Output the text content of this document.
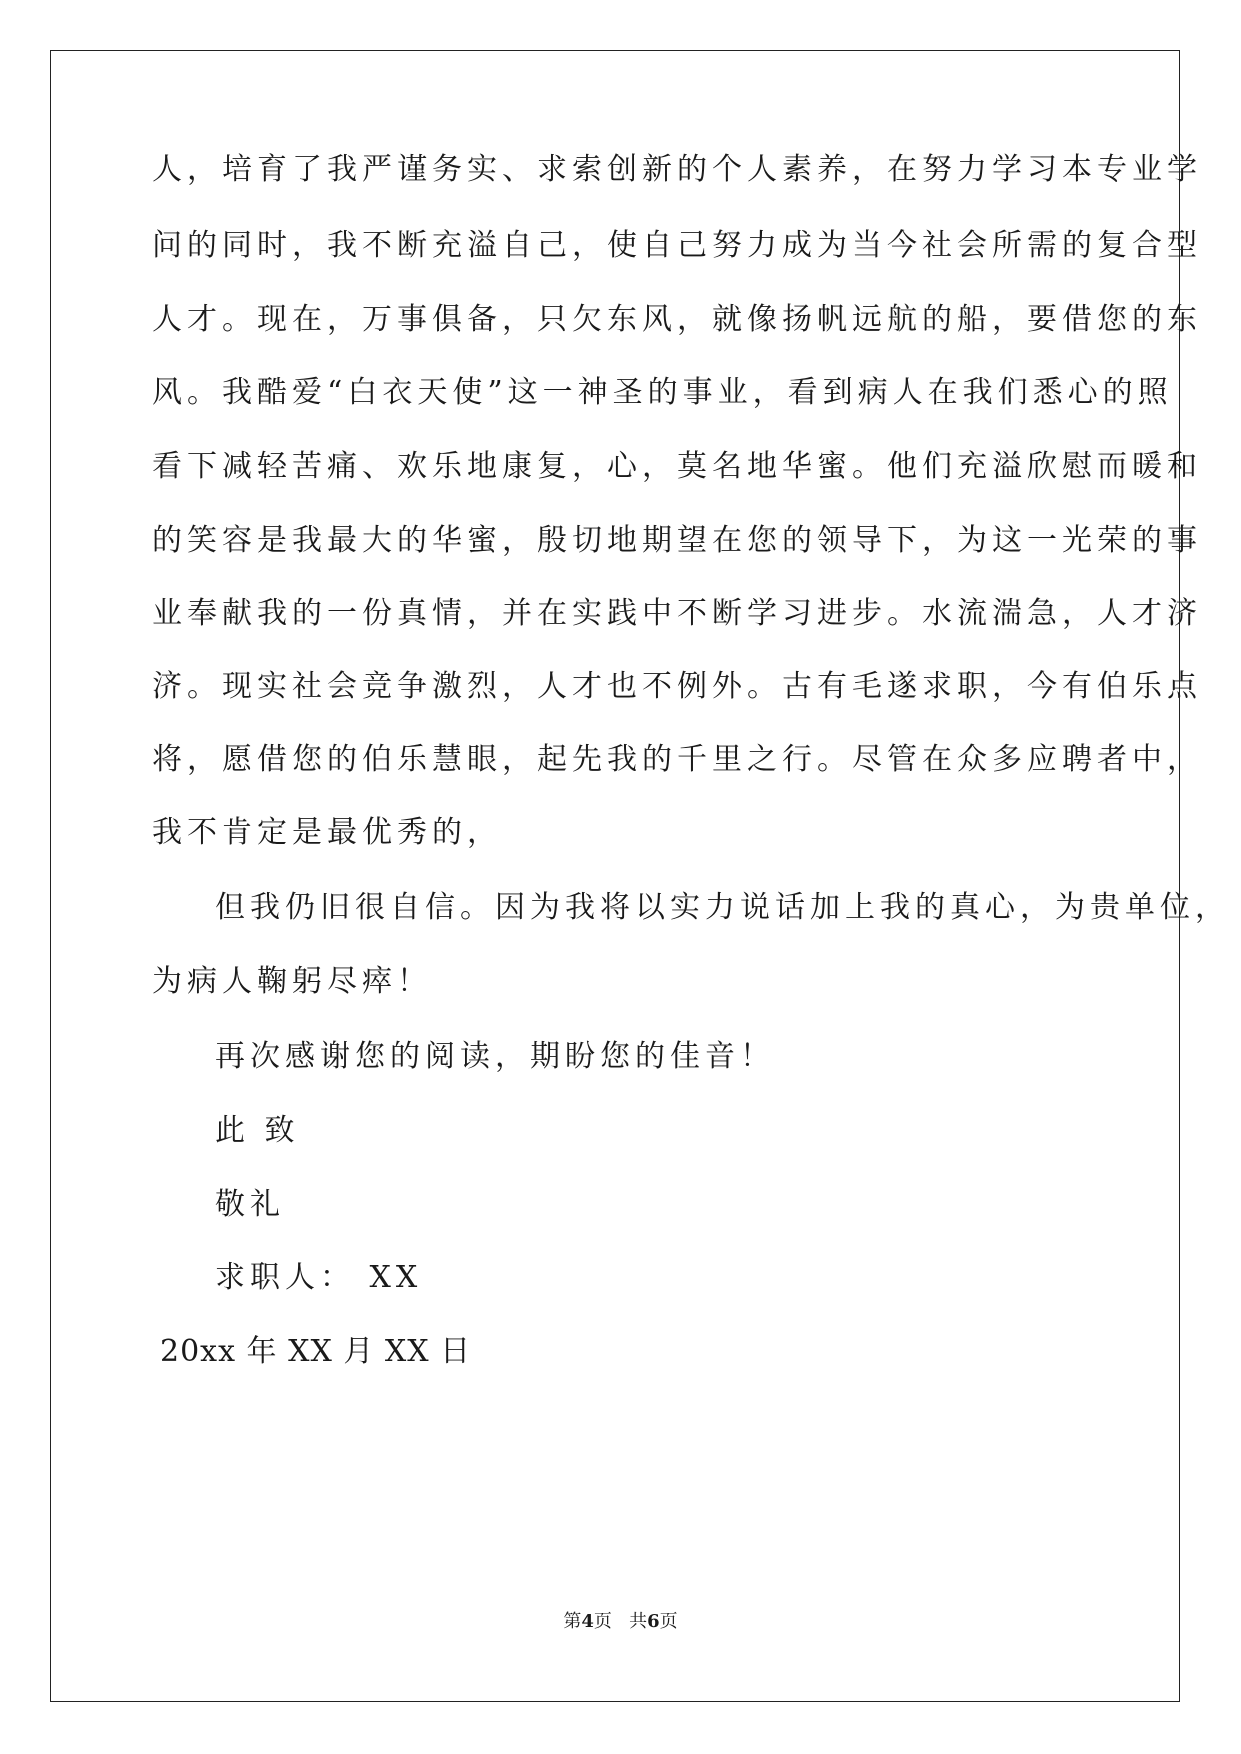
人，培育了我严谨务实、求索创新的个人素养，在努力学习本专业学
问的同时，我不断充溢自己，使自己努力成为当今社会所需的复合型
人才。现在，万事俱备，只欠东风，就像扬帆远航的船，要借您的东
风。我酷爱“白衣天使”这一神圣的事业，看到病人在我们悉心的照
看下减轻苦痛、欢乐地康复，心，莫名地华蜜。他们充溢欣慰而暖和
的笑容是我最大的华蜜，殷切地期望在您的领导下，为这一光荣的事
业奉献我的一份真情，并在实践中不断学习进步。水流湍急，人才济
济。现实社会竞争激烈，人才也不例外。古有毛遂求职，今有伯乐点
将，愿借您的伯乐慧眼，起先我的千里之行。尽管在众多应聘者中，
我不肯定是最优秀的，
但我仍旧很自信。因为我将以实力说话加上我的真心，为贵单位，
为病人鞠躬尽瘁！
再次感谢您的阅读，期盼您的佳音！
此 致
敬礼
求职人： XX
20xx 年 XX 月 XX 日
第4页   共6页
